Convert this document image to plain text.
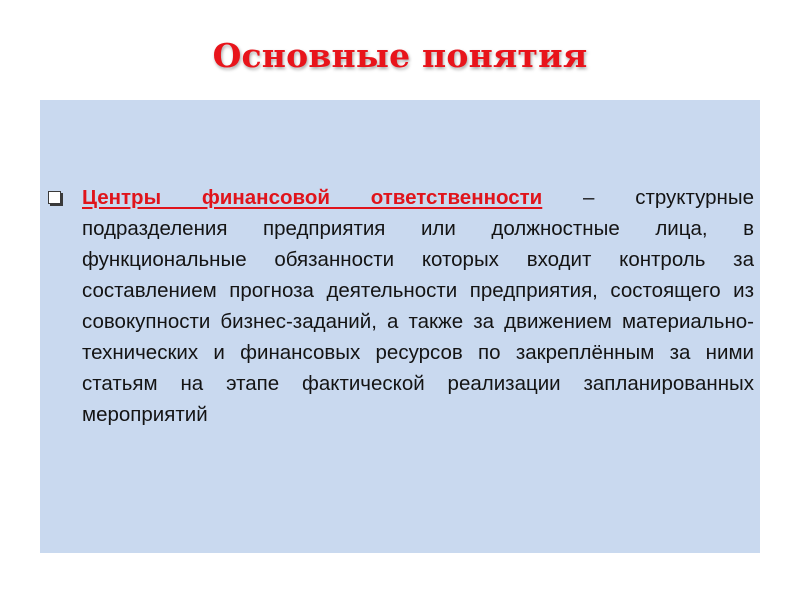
Основные понятия
Центры финансовой ответственности – структурные подразделения предприятия или должностные лица, в функциональные обязанности которых входит контроль за составлением прогноза деятельности предприятия, состоящего из совокупности бизнес-заданий, а также за движением материально-технических и финансовых ресурсов по закреплённым за ними статьям на этапе фактической реализации запланированных мероприятий
